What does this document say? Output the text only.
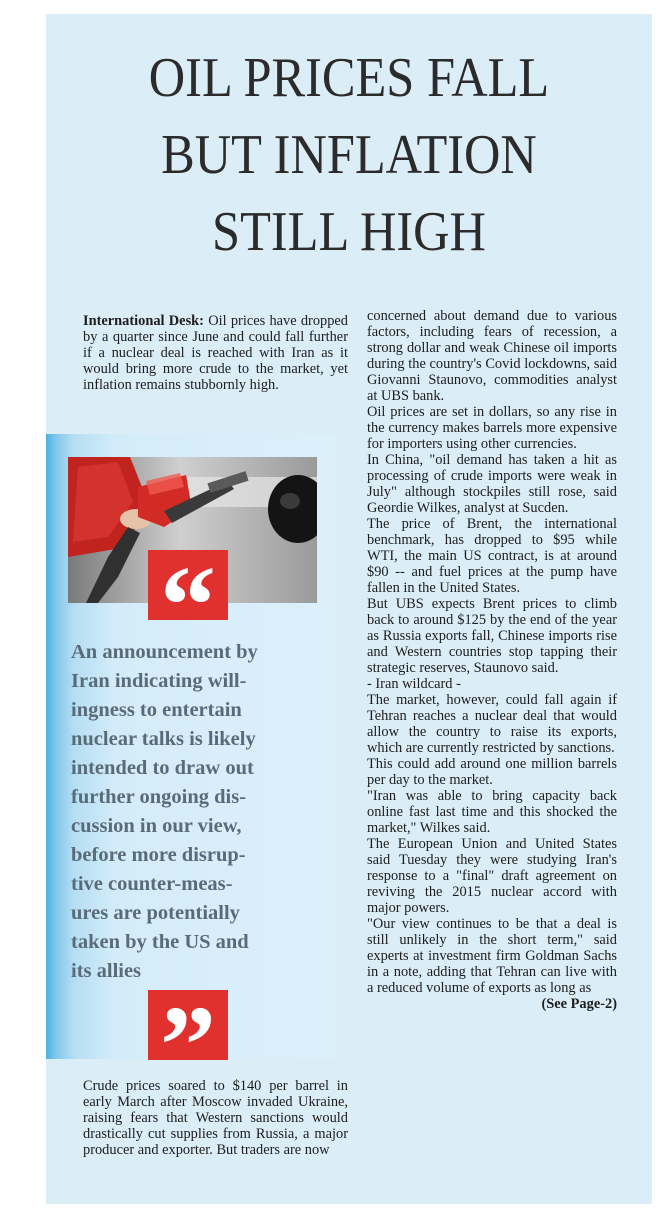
OIL PRICES FALL
BUT INFLATION
STILL HIGH
International Desk: Oil prices have dropped by a quarter since June and could fall further if a nuclear deal is reached with Iran as it would bring more crude to the market, yet inflation remains stubbornly high.
“
An announcement by
Iran indicating will-
ingness to entertain
nuclear talks is likely
intended to draw out
further ongoing dis-
cussion in our view,
before more disrup-
tive counter-meas-
ures are potentially
taken by the US and
its allies
”

Crude prices soared to $140 per barrel in early March after Moscow invaded Ukraine, raising fears that Western sanctions would drastically cut supplies from Russia, a major producer and exporter. But traders are now

concerned about demand due to various factors, including fears of recession, a strong dollar and weak Chinese oil imports during the country's Covid lockdowns, said Giovanni Staunovo, commodities analyst at UBS bank.

Oil prices are set in dollars, so any rise in the currency makes barrels more expensive for importers using other currencies.

In China, "oil demand has taken a hit as processing of crude imports were weak in July" although stockpiles still rose, said Geordie Wilkes, analyst at Sucden.

The price of Brent, the international benchmark, has dropped to $95 while WTI, the main US contract, is at around $90 -- and fuel prices at the pump have fallen in the United States.

But UBS expects Brent prices to climb back to around $125 by the end of the year as Russia exports fall, Chinese imports rise and Western countries stop tapping their strategic reserves, Staunovo said.

- Iran wildcard -

The market, however, could fall again if Tehran reaches a nuclear deal that would allow the country to raise its exports, which are currently restricted by sanctions.

This could add around one million barrels per day to the market.

"Iran was able to bring capacity back online fast last time and this shocked the market," Wilkes said.

The European Union and United States said Tuesday they were studying Iran's response to a "final" draft agreement on reviving the 2015 nuclear accord with major powers.

"Our view continues to be that a deal is still unlikely in the short term," said experts at investment firm Goldman Sachs in a note, adding that Tehran can live with a reduced volume of exports as long as
(See Page-2)
